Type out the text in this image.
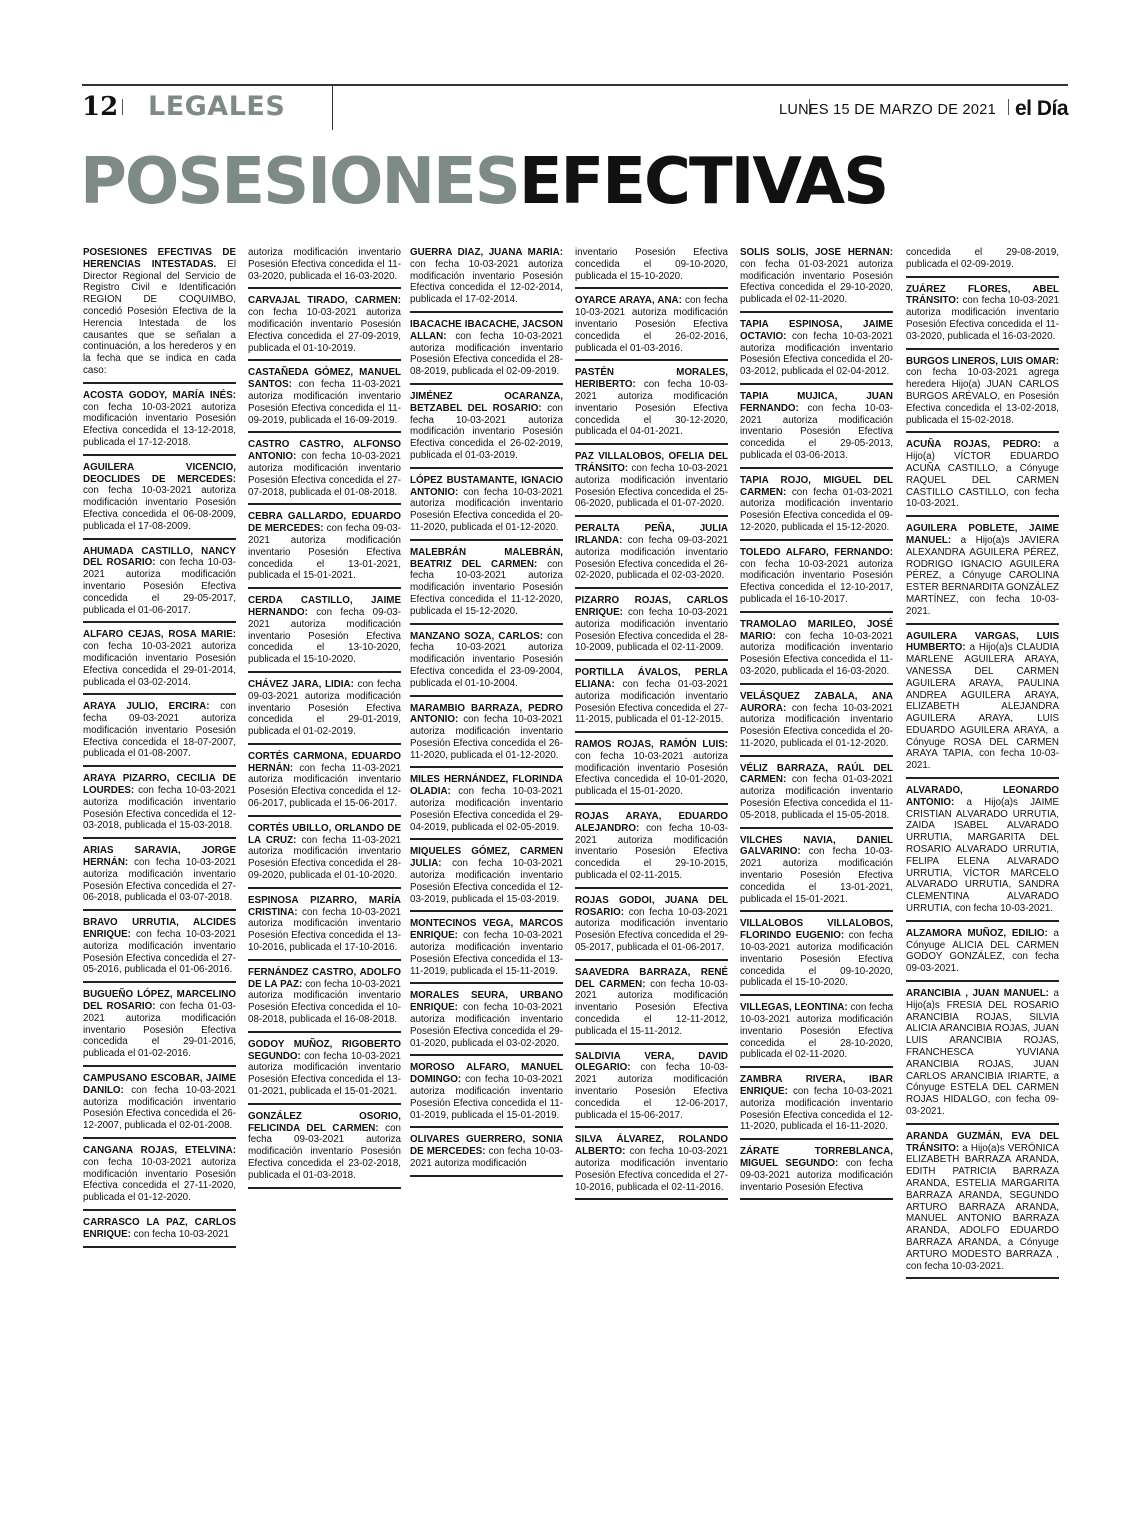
12 LEGALES	LUNES 15 DE MARZO DE 2021 el Día
POSESIONESEFECTIVAS
POSESIONES EFECTIVAS DE HERENCIAS INTESTADAS. El Director Regional del Servicio de Registro Civil e Identificación REGION DE COQUIMBO, concedió Posesión Efectiva de la Herencia Intestada de los causantes que se señalan a continuación, a los herederos y en la fecha que se indica en cada caso:
ACOSTA GODOY, MARÍA INÉS: con fecha 10-03-2021 autoriza modificación inventario Posesión Efectiva concedida el 13-12-2018, publicada el 17-12-2018.
AGUILERA VICENCIO, DEOCLIDES DE MERCEDES: con fecha 10-03-2021 autoriza modificación inventario Posesión Efectiva concedida el 06-08-2009, publicada el 17-08-2009.
AHUMADA CASTILLO, NANCY DEL ROSARIO: con fecha 10-03-2021 autoriza modificación inventario Posesión Efectiva concedida el 29-05-2017, publicada el 01-06-2017.
ALFARO CEJAS, ROSA MARIE: con fecha 10-03-2021 autoriza modificación inventario Posesión Efectiva concedida el 29-01-2014, publicada el 03-02-2014.
ARAYA JULIO, ERCIRA: con fecha 09-03-2021 autoriza modificación inventario Posesión Efectiva concedida el 18-07-2007, publicada el 01-08-2007.
ARAYA PIZARRO, CECILIA DE LOURDES: con fecha 10-03-2021 autoriza modificación inventario Posesión Efectiva concedida el 12-03-2018, publicada el 15-03-2018.
ARIAS SARAVIA, JORGE HERNÁN: con fecha 10-03-2021 autoriza modificación inventario Posesión Efectiva concedida el 27-06-2018, publicada el 03-07-2018.
BRAVO URRUTIA, ALCIDES ENRIQUE: con fecha 10-03-2021 autoriza modificación inventario Posesión Efectiva concedida el 27-05-2016, publicada el 01-06-2016.
BUGUEÑO LÓPEZ, MARCELINO DEL ROSARIO: con fecha 01-03-2021 autoriza modificación inventario Posesión Efectiva concedida el 29-01-2016, publicada el 01-02-2016.
CAMPUSANO ESCOBAR, JAIME DANILO: con fecha 10-03-2021 autoriza modificación inventario Posesión Efectiva concedida el 26-12-2007, publicada el 02-01-2008.
CANGANA ROJAS, ETELVINA: con fecha 10-03-2021 autoriza modificación inventario Posesión Efectiva concedida el 27-11-2020, publicada el 01-12-2020.
CARRASCO LA PAZ, CARLOS ENRIQUE: con fecha 10-03-2021
autoriza modificación inventario Posesión Efectiva concedida el 11-03-2020, publicada el 16-03-2020.
CARVAJAL TIRADO, CARMEN: con fecha 10-03-2021 autoriza modificación inventario Posesión Efectiva concedida el 27-09-2019, publicada el 01-10-2019.
CASTAÑEDA GÓMEZ, MANUEL SANTOS: con fecha 11-03-2021 autoriza modificación inventario Posesión Efectiva concedida el 11-09-2019, publicada el 16-09-2019.
CASTRO CASTRO, ALFONSO ANTONIO: con fecha 10-03-2021 autoriza modificación inventario Posesión Efectiva concedida el 27-07-2018, publicada el 01-08-2018.
CEBRA GALLARDO, EDUARDO DE MERCEDES: con fecha 09-03-2021 autoriza modificación inventario Posesión Efectiva concedida el 13-01-2021, publicada el 15-01-2021.
CERDA CASTILLO, JAIME HERNANDO: con fecha 09-03-2021 autoriza modificación inventario Posesión Efectiva concedida el 13-10-2020, publicada el 15-10-2020.
CHÁVEZ JARA, LIDIA: con fecha 09-03-2021 autoriza modificación inventario Posesión Efectiva concedida el 29-01-2019, publicada el 01-02-2019.
CORTÉS CARMONA, EDUARDO HERNÁN: con fecha 11-03-2021 autoriza modificación inventario Posesión Efectiva concedida el 12-06-2017, publicada el 15-06-2017.
CORTÉS UBILLO, ORLANDO DE LA CRUZ: con fecha 11-03-2021 autoriza modificación inventario Posesión Efectiva concedida el 28-09-2020, publicada el 01-10-2020.
ESPINOSA PIZARRO, MARÍA CRISTINA: con fecha 10-03-2021 autoriza modificación inventario Posesión Efectiva concedida el 13-10-2016, publicada el 17-10-2016.
FERNÁNDEZ CASTRO, ADOLFO DE LA PAZ: con fecha 10-03-2021 autoriza modificación inventario Posesión Efectiva concedida el 10-08-2018, publicada el 16-08-2018.
GODOY MUÑOZ, RIGOBERTO SEGUNDO: con fecha 10-03-2021 autoriza modificación inventario Posesión Efectiva concedida el 13-01-2021, publicada el 15-01-2021.
GONZÁLEZ OSORIO, FELICINDA DEL CARMEN: con fecha 09-03-2021 autoriza modificación inventario Posesión Efectiva concedida el 23-02-2018, publicada el 01-03-2018.
GUERRA DÍAZ, JUANA MARÍA: con fecha 10-03-2021 autoriza modificación inventario Posesión Efectiva concedida el 12-02-2014, publicada el 17-02-2014.
IBACACHE IBACACHE, JACSON ALLAN: con fecha 10-03-2021 autoriza modificación inventario Posesión Efectiva concedida el 28-08-2019, publicada el 02-09-2019.
JIMÉNEZ OCARANZA, BETZABEL DEL ROSARIO: con fecha 10-03-2021 autoriza modificación inventario Posesión Efectiva concedida el 26-02-2019, publicada el 01-03-2019.
LÓPEZ BUSTAMANTE, IGNACIO ANTONIO: con fecha 10-03-2021 autoriza modificación inventario Posesión Efectiva concedida el 20-11-2020, publicada el 01-12-2020.
MALEBRÁN MALEBRÁN, BEATRIZ DEL CARMEN: con fecha 10-03-2021 autoriza modificación inventario Posesión Efectiva concedida el 11-12-2020, publicada el 15-12-2020.
MANZANO SOZA, CARLOS: con fecha 10-03-2021 autoriza modificación inventario Posesión Efectiva concedida el 23-09-2004, publicada el 01-10-2004.
MARAMBIO BARRAZA, PEDRO ANTONIO: con fecha 10-03-2021 autoriza modificación inventario Posesión Efectiva concedida el 26-11-2020, publicada el 01-12-2020.
MILES HERNÁNDEZ, FLORINDA OLADIA: con fecha 10-03-2021 autoriza modificación inventario Posesión Efectiva concedida el 29-04-2019, publicada el 02-05-2019.
MIQUELES GÓMEZ, CARMEN JULIA: con fecha 10-03-2021 autoriza modificación inventario Posesión Efectiva concedida el 12-03-2019, publicada el 15-03-2019.
MONTECINOS VEGA, MARCOS ENRIQUE: con fecha 10-03-2021 autoriza modificación inventario Posesión Efectiva concedida el 13-11-2019, publicada el 15-11-2019.
MORALES SEURA, URBANO ENRIQUE: con fecha 10-03-2021 autoriza modificación inventario Posesión Efectiva concedida el 29-01-2020, publicada el 03-02-2020.
MOROSO ALFARO, MANUEL DOMINGO: con fecha 10-03-2021 autoriza modificación inventario Posesión Efectiva concedida el 11-01-2019, publicada el 15-01-2019.
OLIVARES GUERRERO, SONIA DE MERCEDES: con fecha 10-03-2021 autoriza modificación
inventario Posesión Efectiva concedida el 09-10-2020, publicada el 15-10-2020.
OYARCE ARAYA, ANA: con fecha 10-03-2021 autoriza modificación inventario Posesión Efectiva concedida el 26-02-2016, publicada el 01-03-2016.
PASTÉN MORALES, HERIBERTO: con fecha 10-03-2021 autoriza modificación inventario Posesión Efectiva concedida el 30-12-2020, publicada el 04-01-2021.
PAZ VILLALOBOS, OFELIA DEL TRÁNSITO: con fecha 10-03-2021 autoriza modificación inventario Posesión Efectiva concedida el 25-06-2020, publicada el 01-07-2020.
PERALTA PEÑA, JULIA IRLANDA: con fecha 09-03-2021 autoriza modificación inventario Posesión Efectiva concedida el 26-02-2020, publicada el 02-03-2020.
PIZARRO ROJAS, CARLOS ENRIQUE: con fecha 10-03-2021 autoriza modificación inventario Posesión Efectiva concedida el 28-10-2009, publicada el 02-11-2009.
PORTILLA ÁVALOS, PERLA ELIANA: con fecha 01-03-2021 autoriza modificación inventario Posesión Efectiva concedida el 27-11-2015, publicada el 01-12-2015.
RAMOS ROJAS, RAMÓN LUIS: con fecha 10-03-2021 autoriza modificación inventario Posesión Efectiva concedida el 10-01-2020, publicada el 15-01-2020.
ROJAS ARAYA, EDUARDO ALEJANDRO: con fecha 10-03-2021 autoriza modificación inventario Posesión Efectiva concedida el 29-10-2015, publicada el 02-11-2015.
ROJAS GODOI, JUANA DEL ROSARIO: con fecha 10-03-2021 autoriza modificación inventario Posesión Efectiva concedida el 29-05-2017, publicada el 01-06-2017.
SAAVEDRA BARRAZA, RENÉ DEL CARMEN: con fecha 10-03-2021 autoriza modificación inventario Posesión Efectiva concedida el 12-11-2012, publicada el 15-11-2012.
SALDIVIA VERA, DAVID OLEGARIO: con fecha 10-03-2021 autoriza modificación inventario Posesión Efectiva concedida el 12-06-2017, publicada el 15-06-2017.
SILVA ÁLVAREZ, ROLANDO ALBERTO: con fecha 10-03-2021 autoriza modificación inventario Posesión Efectiva concedida el 27-10-2016, publicada el 02-11-2016.
SOLÍS SOLÍS, JOSÉ HERNÁN: con fecha 01-03-2021 autoriza modificación inventario Posesión Efectiva concedida el 29-10-2020, publicada el 02-11-2020.
TAPIA ESPINOSA, JAIME OCTAVIO: con fecha 10-03-2021 autoriza modificación inventario Posesión Efectiva concedida el 20-03-2012, publicada el 02-04-2012.
TAPIA MUJICA, JUAN FERNANDO: con fecha 10-03-2021 autoriza modificación inventario Posesión Efectiva concedida el 29-05-2013, publicada el 03-06-2013.
TAPIA ROJO, MIGUEL DEL CARMEN: con fecha 01-03-2021 autoriza modificación inventario Posesión Efectiva concedida el 09-12-2020, publicada el 15-12-2020.
TOLEDO ALFARO, FERNANDO: con fecha 10-03-2021 autoriza modificación inventario Posesión Efectiva concedida el 12-10-2017, publicada el 16-10-2017.
TRAMOLAO MARILEO, JOSÉ MARIO: con fecha 10-03-2021 autoriza modificación inventario Posesión Efectiva concedida el 11-03-2020, publicada el 16-03-2020.
VELÁSQUEZ ZABALA, ANA AURORA: con fecha 10-03-2021 autoriza modificación inventario Posesión Efectiva concedida el 20-11-2020, publicada el 01-12-2020.
VÉLIZ BARRAZA, RAÚL DEL CARMEN: con fecha 01-03-2021 autoriza modificación inventario Posesión Efectiva concedida el 11-05-2018, publicada el 15-05-2018.
VILCHES NAVIA, DANIEL GALVARINO: con fecha 10-03-2021 autoriza modificación inventario Posesión Efectiva concedida el 13-01-2021, publicada el 15-01-2021.
VILLALOBOS VILLALOBOS, FLORINDO EUGENIO: con fecha 10-03-2021 autoriza modificación inventario Posesión Efectiva concedida el 09-10-2020, publicada el 15-10-2020.
VILLEGAS, LEONTINA: con fecha 10-03-2021 autoriza modificación inventario Posesión Efectiva concedida el 28-10-2020, publicada el 02-11-2020.
ZAMBRA RIVERA, IBAR ENRIQUE: con fecha 10-03-2021 autoriza modificación inventario Posesión Efectiva concedida el 12-11-2020, publicada el 16-11-2020.
ZÁRATE TORREBLANCA, MIGUEL SEGUNDO: con fecha 09-03-2021 autoriza modificación inventario Posesión Efectiva
concedida el 29-08-2019, publicada el 02-09-2019.
ZUÁREZ FLORES, ABEL TRÁNSITO: con fecha 10-03-2021 autoriza modificación inventario Posesión Efectiva concedida el 11-03-2020, publicada el 16-03-2020.
BURGOS LINEROS, LUIS OMAR: con fecha 10-03-2021 agrega heredera Hijo(a) JUAN CARLOS BURGOS ARÉVALO, en Posesión Efectiva concedida el 13-02-2018, publicada el 15-02-2018.
ACUÑA ROJAS, PEDRO: a Hijo(a) VÍCTOR EDUARDO ACUÑA CASTILLO, a Cónyuge RAQUEL DEL CARMEN CASTILLO CASTILLO, con fecha 10-03-2021.
AGUILERA POBLETE, JAIME MANUEL: a Hijo(a)s JAVIERA ALEXANDRA AGUILERA PÉREZ, RODRIGO IGNACIO AGUILERA PÉREZ, a Cónyuge CAROLINA ESTER BERNARDITA GONZÁLEZ MARTÍNEZ, con fecha 10-03-2021.
AGUILERA VARGAS, LUIS HUMBERTO: a Hijo(a)s CLAUDIA MARLENE AGUILERA ARAYA, VANESSA DEL CARMEN AGUILERA ARAYA, PAULINA ANDREA AGUILERA ARAYA, ELIZABETH ALEJANDRA AGUILERA ARAYA, LUIS EDUARDO AGUILERA ARAYA, a Cónyuge ROSA DEL CARMEN ARAYA TAPIA, con fecha 10-03-2021.
ALVARADO, LEONARDO ANTONIO: a Hijo(a)s JAIME CRISTIAN ALVARADO URRUTIA, ZAIDA ISABEL ALVARADO URRUTIA, MARGARITA DEL ROSARIO ALVARADO URRUTIA, FELIPA ELENA ALVARADO URRUTIA, VÍCTOR MARCELO ALVARADO URRUTIA, SANDRA CLEMENTINA ALVARADO URRUTIA, con fecha 10-03-2021.
ALZAMORA MUÑOZ, EDILIO: a Cónyuge ALICIA DEL CARMEN GODOY GONZÁLEZ, con fecha 09-03-2021.
ARANCIBIA , JUAN MANUEL: a Hijo(a)s FRESIA DEL ROSARIO ARANCIBIA ROJAS, SILVIA ALICIA ARANCIBIA ROJAS, JUAN LUIS ARANCIBIA ROJAS, FRANCHESCA YUVIANA ARANCIBIA ROJAS, JUAN CARLOS ARANCIBIA IRIARTE, a Cónyuge ESTELA DEL CARMEN ROJAS HIDALGO, con fecha 09-03-2021.
ARANDA GUZMÁN, EVA DEL TRÁNSITO: a Hijo(a)s VERÓNICA ELIZABETH BARRAZA ARANDA, EDITH PATRICIA BARRAZA ARANDA, ESTELIA MARGARITA BARRAZA ARANDA, SEGUNDO ARTURO BARRAZA ARANDA, MANUEL ANTONIO BARRAZA ARANDA, ADOLFO EDUARDO BARRAZA ARANDA, a Cónyuge ARTURO MODESTO BARRAZA , con fecha 10-03-2021.
